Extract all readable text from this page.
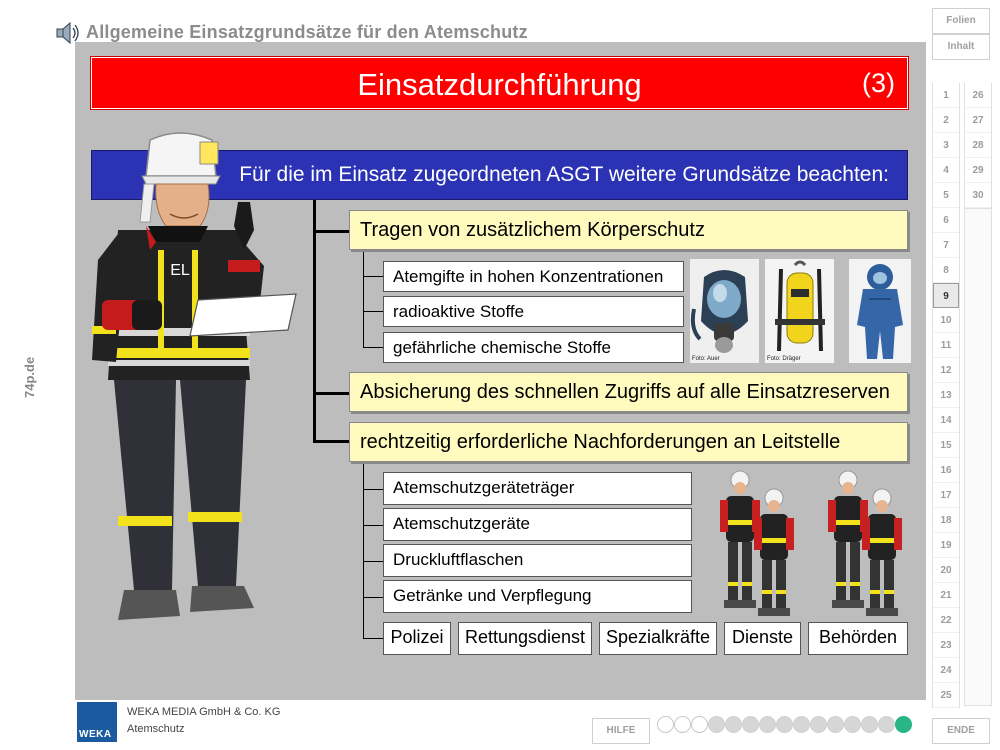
Allgemeine Einsatzgrundsätze für den Atemschutz
74p.de
Einsatzdurchführung	(3)
Für die im Einsatz zugeordneten ASGT weitere Grundsätze beachten:
Tragen von zusätzlichem Körperschutz
Absicherung des schnellen Zugriffs auf alle Einsatzreserven
rechtzeitig erforderliche Nachforderungen an Leitstelle
Atemgifte in hohen Konzentrationen
radioaktive Stoffe
gefährliche chemische Stoffe
Foto: Auer	Foto: Dräger
Atemschutzgeräteträger
Atemschutzgeräte
Druckluftflaschen
Getränke und Verpflegung
Polizei	Rettungsdienst	Spezialkräfte	Dienste	Behörden
EL
WEKA
WEKA MEDIA GmbH & Co. KG
Atemschutz	HILFE	ENDE
Folien
Inhalt
1
2
3
4
5
6
7
8
9
10
11
12
13
14
15
16
17
18
19
20
21
22
23
24
25
26
27
28
29
30
